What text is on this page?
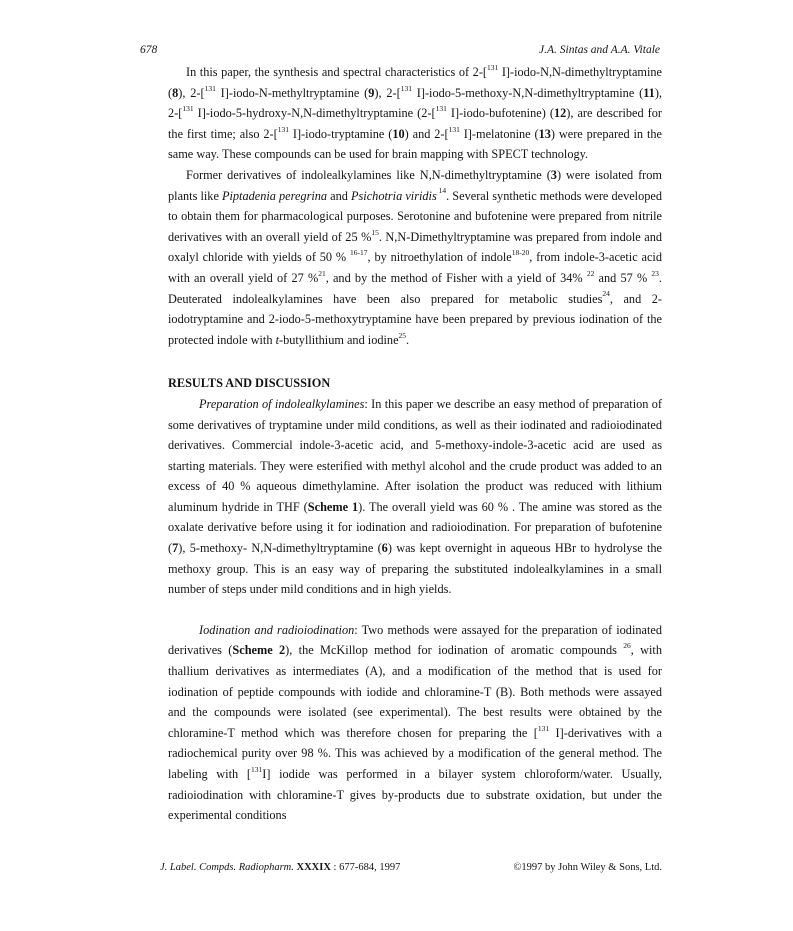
678	J.A. Sintas and A.A. Vitale

In this paper, the synthesis and spectral characteristics of 2-[$^{131}$ I]-iodo-N,N-dimethyltryptamine (8), 2-[$^{131}$ I]-iodo-N-methyltryptamine (9), 2-[$^{131}$ I]-iodo-5-methoxy-N,N-dimethyltryptamine (11), 2-[$^{131}$ I]-iodo-5-hydroxy-N,N-dimethyltryptamine (2-[$^{131}$ I]-iodo-bufotenine) (12), are described for the first time; also 2-[$^{131}$ I]-iodo-tryptamine (10) and 2-[$^{131}$ I]-melatonine (13) were prepared in the same way. These compounds can be used for brain mapping with SPECT technology.

Former derivatives of indolealkylamines like N,N-dimethyltryptamine (3) were isolated from plants like Piptadenia peregrina and Psichotria viridis $^{14}$. Several synthetic methods were developed to obtain them for pharmacological purposes. Serotonine and bufotenine were prepared from nitrile derivatives with an overall yield of 25 %$^{15}$. N,N-Dimethyltryptamine was prepared from indole and oxalyl chloride with yields of 50 % $^{16-17}$, by nitroethylation of indole$^{18-20}$, from indole-3-acetic acid with an overall yield of 27 %$^{21}$, and by the method of Fisher with a yield of 34% $^{22}$ and 57 % $^{23}$. Deuterated indolealkylamines have been also prepared for metabolic studies$^{24}$, and 2-iodotryptamine and 2-iodo-5-methoxytryptamine have been prepared by previous iodination of the protected indole with t-butyllithium and iodine$^{25}$.

RESULTS AND DISCUSSION

Preparation of indolealkylamines: In this paper we describe an easy method of preparation of some derivatives of tryptamine under mild conditions, as well as their iodinated and radioiodinated derivatives. Commercial indole-3-acetic acid, and 5-methoxy-indole-3-acetic acid are used as starting materials. They were esterified with methyl alcohol and the crude product was added to an excess of 40 % aqueous dimethylamine. After isolation the product was reduced with lithium aluminum hydride in THF (Scheme 1). The overall yield was 60 % . The amine was stored as the oxalate derivative before using it for iodination and radioiodination. For preparation of bufotenine (7), 5-methoxy- N,N-dimethyltryptamine (6) was kept overnight in aqueous HBr to hydrolyse the methoxy group. This is an easy way of preparing the substituted indolealkylamines in a small number of steps under mild conditions and in high yields.

Iodination and radioiodination: Two methods were assayed for the preparation of iodinated derivatives (Scheme 2), the McKillop method for iodination of aromatic compounds $^{26}$, with thallium derivatives as intermediates (A), and a modification of the method that is used for iodination of peptide compounds with iodide and chloramine-T (B). Both methods were assayed and the compounds were isolated (see experimental). The best results were obtained by the chloramine-T method which was therefore chosen for preparing the [$^{131}$ I]-derivatives with a radiochemical purity over 98 %. This was achieved by a modification of the general method. The labeling with [$^{131}$I] iodide was performed in a bilayer system chloroform/water. Usually, radioiodination with chloramine-T gives by-products due to substrate oxidation, but under the experimental conditions

J. Label. Compds. Radiopharm. XXXIX : 677-684, 1997	©1997 by John Wiley & Sons, Ltd.
